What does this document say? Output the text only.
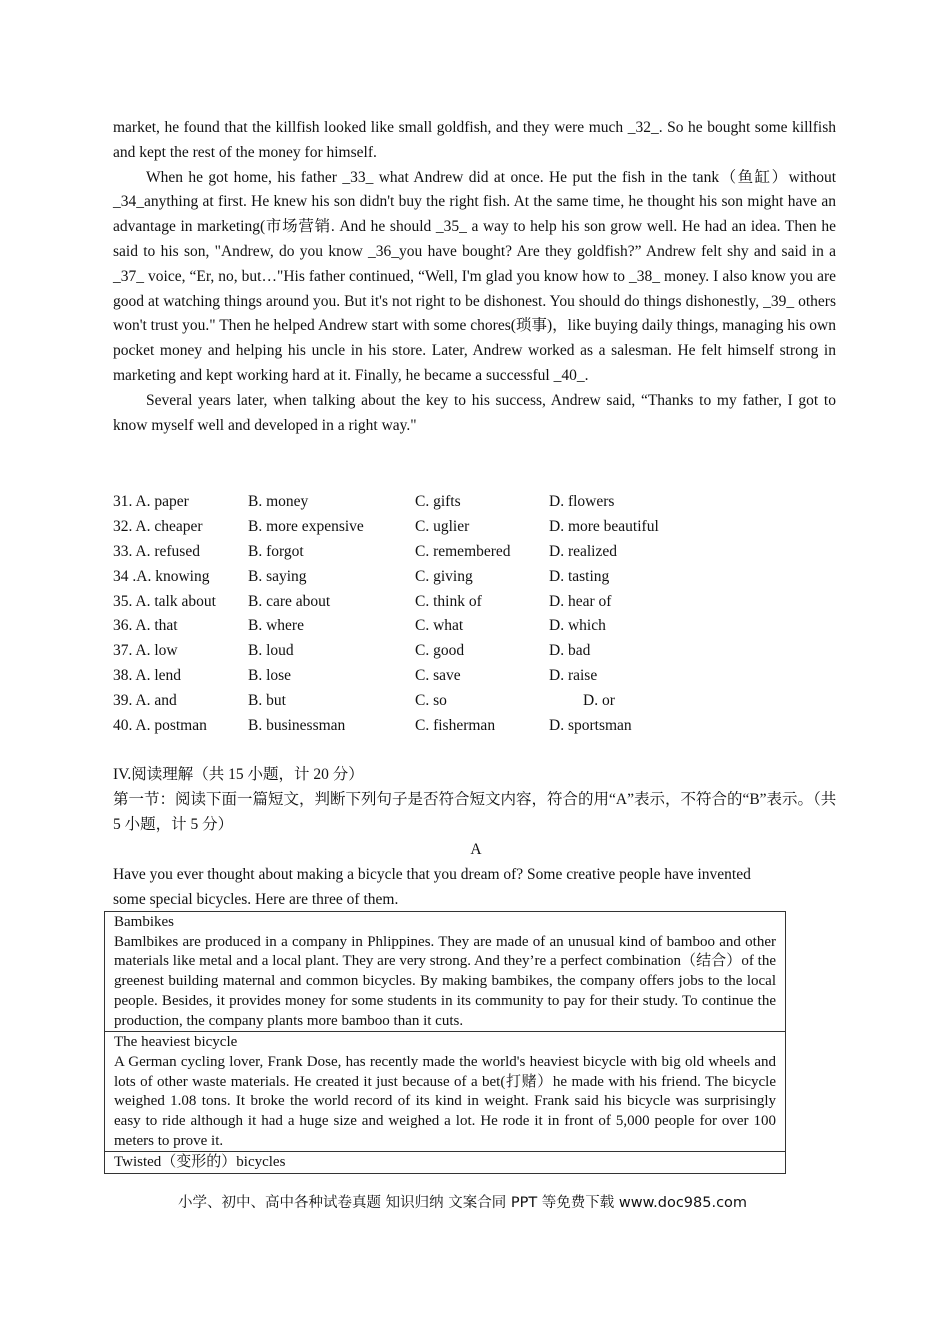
market, he found that the killfish looked like small goldfish, and they were much _32_. So he bought some killfish and kept the rest of the money for himself.

When he got home, his father _33_ what Andrew did at once. He put the fish in the tank（鱼缸）without _34_anything at first. He knew his son didn't buy the right fish. At the same time, he thought his son might have an advantage in marketing(市场营销. And he should _35_ a way to help his son grow well. He had an idea. Then he said to his son, "Andrew, do you know _36_you have bought? Are they goldfish?” Andrew felt shy and said in a _37_ voice, “Er, no, but…"His father continued, “Well, I'm glad you know how to _38_ money. I also know you are good at watching things around you. But it's not right to be dishonest. You should do things dishonestly, _39_ others won't trust you." Then he helped Andrew start with some chores(琐事)，like buying daily things, managing his own pocket money and helping his uncle in his store. Later, Andrew worked as a salesman. He felt himself strong in marketing and kept working hard at it. Finally, he became a successful _40_.

Several years later, when talking about the key to his success, Andrew said, “Thanks to my father, I got to know myself well and developed in a right way."

31. A. paper	B. money	C. gifts	D. flowers
32. A. cheaper	B. more expensive	C. uglier	D. more beautiful
33. A. refused	B. forgot	C. remembered D. realized
34 .A. knowing B. saying	C. giving	D. tasting
35. A. talk about B. care about	C. think of	D. hear of
36. A. that	B. where	C. what	D. which
37. A. low	B. loud	C. good	D. bad
38. A. lend	B. lose	C. save	D. raise
39. A. and	B. but	C. so	D. or
40. A. postman	B. businessman	C. fisherman	D. sportsman

IV.阅读理解（共 15 小题，计 20 分）

第一节：阅读下面一篇短文，判断下列句子是否符合短文内容，符合的用“A”表示，不符合的“B”表示。（共 5 小题，计 5 分）

A

Have you ever thought about making a bicycle that you dream of? Some creative people have invented some special bicycles. Here are three of them.

Bambikes

Bamlbikes are produced in a company in Phlippines. They are made of an unusual kind of bamboo and other materials like metal and a local plant. They are very strong. And they’re a perfect combination（结合）of the greenest building maternal and common bicycles. By making bambikes, the company offers jobs to the local people. Besides, it provides money for some students in its community to pay for their study. To continue the production, the company plants more bamboo than it cuts.

The heaviest bicycle

A German cycling lover, Frank Dose, has recently made the world's heaviest bicycle with big old wheels and lots of other waste materials. He created it just because of a bet(打赌）he made with his friend. The bicycle weighed 1.08 tons. It broke the world record of its kind in weight. Frank said his bicycle was surprisingly easy to ride although it had a huge size and weighed a lot. He rode it in front of 5,000 people for over 100 meters to prove it.

Twisted（变形的）bicycles

小学、初中、高中各种试卷真题 知识归纳 文案合同 PPT 等免费下载 www.doc985.com
